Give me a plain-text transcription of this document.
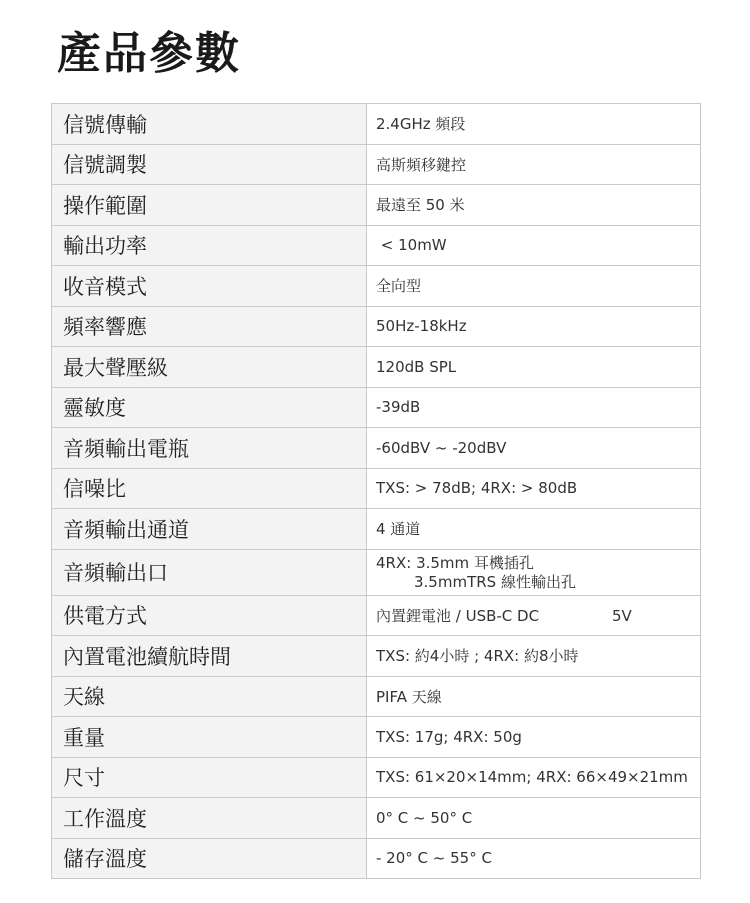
產品參數
信號傳輸	2.4GHz 頻段
信號調製	高斯頻移鍵控
操作範圍	最遠至 50 米
輸出功率	< 10mW
收音模式	全向型
頻率響應	50Hz-18kHz
最大聲壓級	120dB SPL
靈敏度	-39dB
音頻輸出電瓶	-60dBV ~ -20dBV
信噪比	TXS: > 78dB; 4RX: > 80dB
音頻輸出通道	4 通道
音頻輸出口	4RX: 3.5mm 耳機插孔
3.5mmTRS 線性輸出孔

供電方式	內置鋰電池 / USB-C DC 5V
內置電池續航時間	TXS: 約4小時 ; 4RX: 約8小時
天線	PIFA 天線
重量	TXS: 17g; 4RX: 50g
尺寸	TXS: 61×20×14mm; 4RX: 66×49×21mm
工作溫度	0° C ~ 50° C
儲存溫度	- 20° C ~ 55° C
